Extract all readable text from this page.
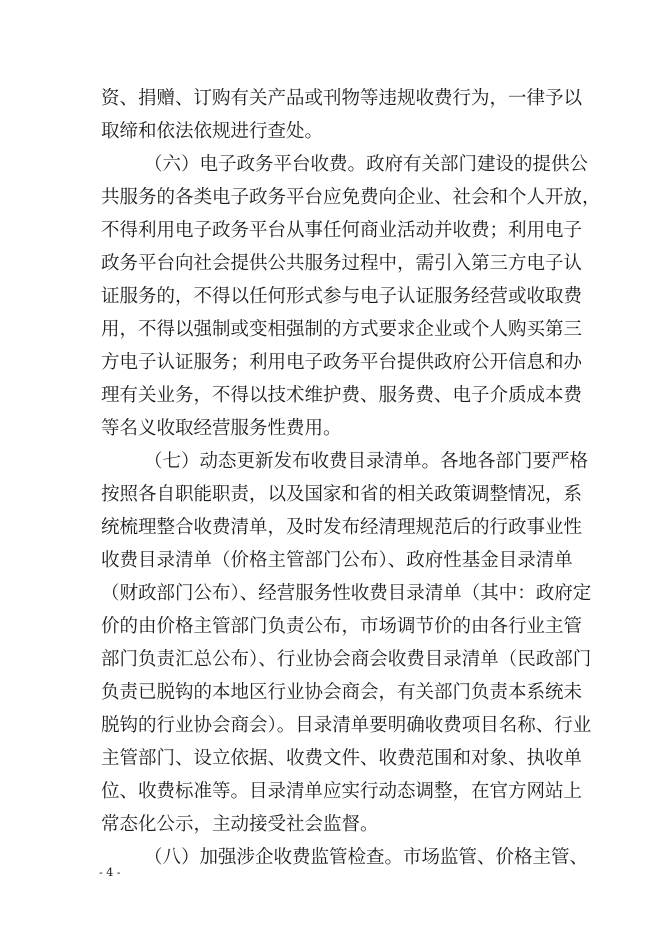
资、捐赠、订购有关产品或刊物等违规收费行为，一律予以
取缔和依法依规进行查处。
（六）电子政务平台收费。政府有关部门建设的提供公
共服务的各类电子政务平台应免费向企业、社会和个人开放，
不得利用电子政务平台从事任何商业活动并收费；利用电子
政务平台向社会提供公共服务过程中，需引入第三方电子认
证服务的，不得以任何形式参与电子认证服务经营或收取费
用，不得以强制或变相强制的方式要求企业或个人购买第三
方电子认证服务；利用电子政务平台提供政府公开信息和办
理有关业务，不得以技术维护费、服务费、电子介质成本费
等名义收取经营服务性费用。
（七）动态更新发布收费目录清单。各地各部门要严格
按照各自职能职责，以及国家和省的相关政策调整情况，系
统梳理整合收费清单，及时发布经清理规范后的行政事业性
收费目录清单（价格主管部门公布）、政府性基金目录清单
（财政部门公布）、经营服务性收费目录清单（其中：政府定
价的由价格主管部门负责公布，市场调节价的由各行业主管
部门负责汇总公布）、行业协会商会收费目录清单（民政部门
负责已脱钩的本地区行业协会商会，有关部门负责本系统未
脱钩的行业协会商会）。目录清单要明确收费项目名称、行业
主管部门、设立依据、收费文件、收费范围和对象、执收单
位、收费标准等。目录清单应实行动态调整，在官方网站上
常态化公示，主动接受社会监督。
（八）加强涉企收费监管检查。市场监管、价格主管、
- 4 -
